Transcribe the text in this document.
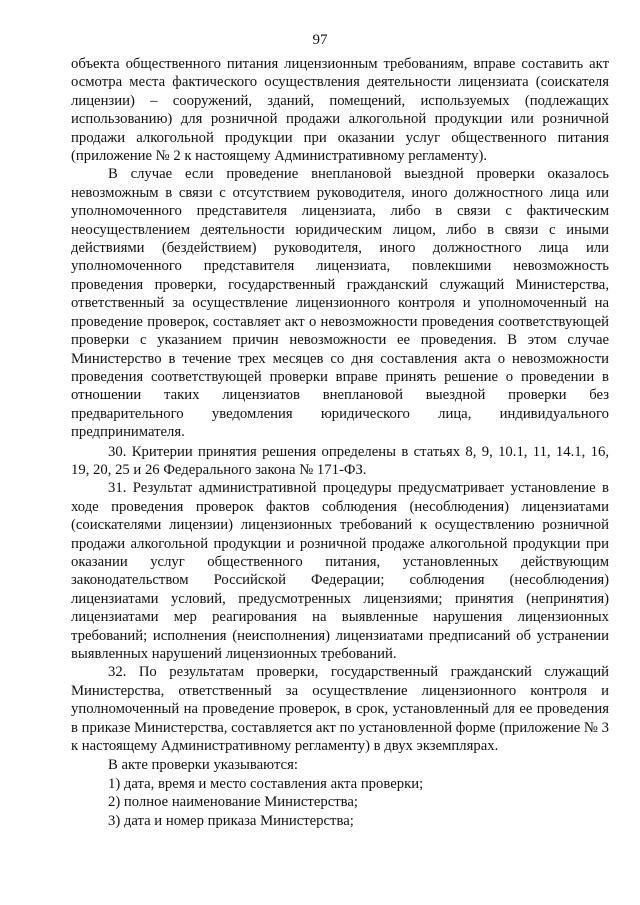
97

объекта общественного питания лицензионным требованиям, вправе составить акт осмотра места фактического осуществления деятельности лицензиата (соискателя лицензии) – сооружений, зданий, помещений, используемых (подлежащих использованию) для розничной продажи алкогольной продукции или розничной продажи алкогольной продукции при оказании услуг общественного питания (приложение № 2 к настоящему Административному регламенту).

В случае если проведение внеплановой выездной проверки оказалось невозможным в связи с отсутствием руководителя, иного должностного лица или уполномоченного представителя лицензиата, либо в связи с фактическим неосуществлением деятельности юридическим лицом, либо в связи с иными действиями (бездействием) руководителя, иного должностного лица или уполномоченного представителя лицензиата, повлекшими невозможность проведения проверки, государственный гражданский служащий Министерства, ответственный за осуществление лицензионного контроля и уполномоченный на проведение проверок, составляет акт о невозможности проведения соответствующей проверки с указанием причин невозможности ее проведения. В этом случае Министерство в течение трех месяцев со дня составления акта о невозможности проведения соответствующей проверки вправе принять решение о проведении в отношении таких лицензиатов внеплановой выездной проверки без предварительного уведомления юридического лица, индивидуального предпринимателя.

30. Критерии принятия решения определены в статьях 8, 9, 10.1, 11, 14.1, 16, 19, 20, 25 и 26 Федерального закона № 171-ФЗ.

31. Результат административной процедуры предусматривает установление в ходе проведения проверок фактов соблюдения (несоблюдения) лицензиатами (соискателями лицензии) лицензионных требований к осуществлению розничной продажи алкогольной продукции и розничной продаже алкогольной продукции при оказании услуг общественного питания, установленных действующим законодательством Российской Федерации; соблюдения (несоблюдения) лицензиатами условий, предусмотренных лицензиями; принятия (непринятия) лицензиатами мер реагирования на выявленные нарушения лицензионных требований; исполнения (неисполнения) лицензиатами предписаний об устранении выявленных нарушений лицензионных требований.

32. По результатам проверки, государственный гражданский служащий Министерства, ответственный за осуществление лицензионного контроля и уполномоченный на проведение проверок, в срок, установленный для ее проведения в приказе Министерства, составляется акт по установленной форме (приложение № 3 к настоящему Административному регламенту) в двух экземплярах.

В акте проверки указываются:

1) дата, время и место составления акта проверки;

2) полное наименование Министерства;

3) дата и номер приказа Министерства;
